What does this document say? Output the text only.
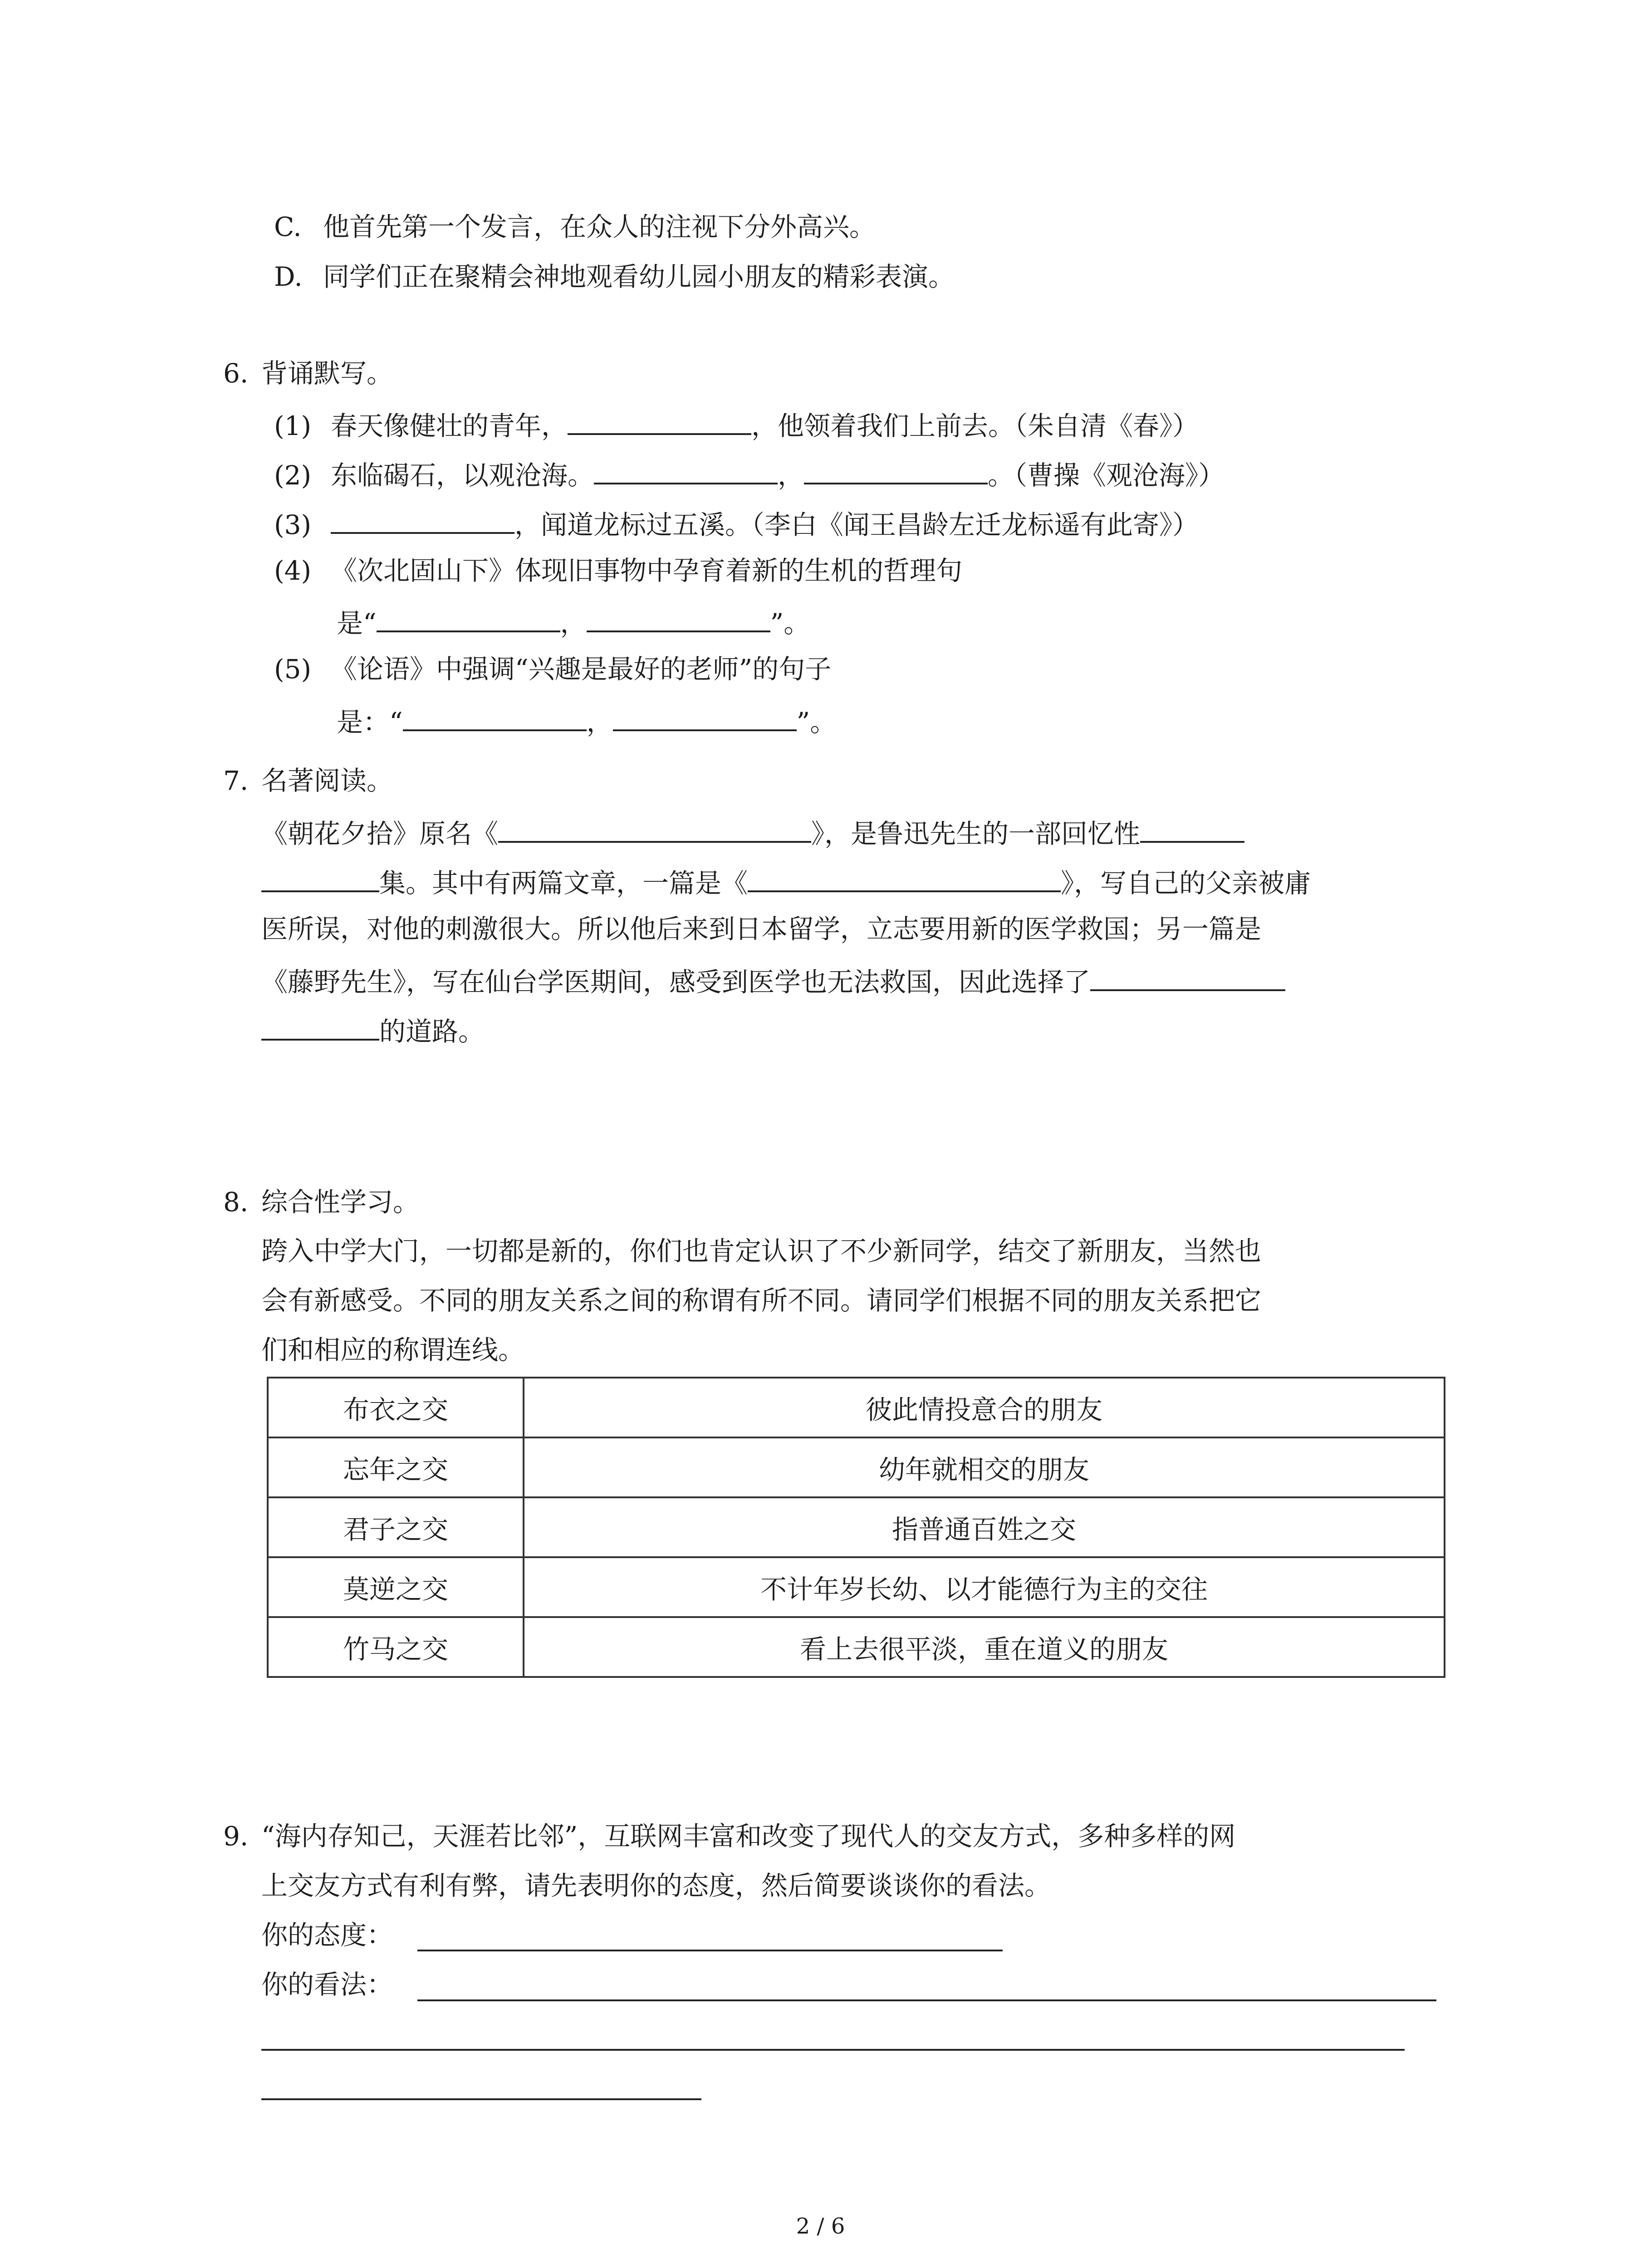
C. 他首先第一个发言，在众人的注视下分外高兴。
D. 同学们正在聚精会神地观看幼儿园小朋友的精彩表演。
6. 背诵默写。
(1) 春天像健壮的青年，	，他领着我们上前去。（朱自清《春》）
(2) 东临碣石，以观沧海。	，	。（曹操《观沧海》）
(3)	，闻道龙标过五溪。（李白《闻王昌龄左迁龙标遥有此寄》）
(4) 《次北固山下》体现旧事物中孕育着新的生机的哲理句
是“	，	”。
(5) 《论语》中强调“兴趣是最好的老师”的句子
是：“	，	”。
7. 名著阅读。
《朝花夕拾》原名《	》，是鲁迅先生的一部回忆性
集。其中有两篇文章，一篇是《	》，写自己的父亲被庸
医所误，对他的刺激很大。所以他后来到日本留学，立志要用新的医学救国；另一篇是
《藤野先生》，写在仙台学医期间，感受到医学也无法救国，因此选择了
的道路。
8. 综合性学习。
跨入中学大门，一切都是新的，你们也肯定认识了不少新同学，结交了新朋友，当然也
会有新感受。不同的朋友关系之间的称谓有所不同。请同学们根据不同的朋友关系把它
们和相应的称谓连线。
布衣之交	彼此情投意合的朋友
忘年之交	幼年就相交的朋友
君子之交	指普通百姓之交
莫逆之交	不计年岁长幼、以才能德行为主的交往
竹马之交	看上去很平淡，重在道义的朋友
9. “海内存知己，天涯若比邻”，互联网丰富和改变了现代人的交友方式，多种多样的网
上交友方式有利有弊，请先表明你的态度，然后简要谈谈你的看法。
你的态度：
你的看法：
2 / 6
